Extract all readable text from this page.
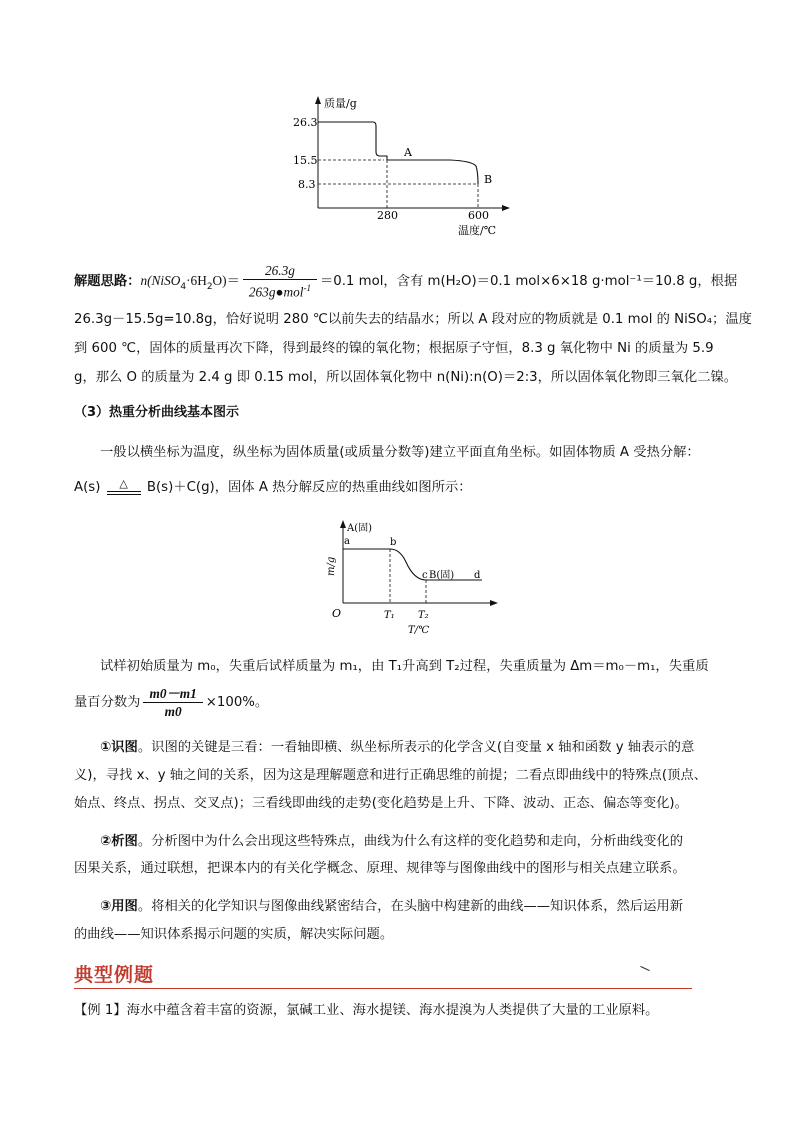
质量/g
26.3
15.5
8.3
A
B
280	600
温度/℃
解题思路：$n(NiSO_4\cdot 6H_2O)= \frac{26.3g}{263g●mol^{-1}} =0.1$ mol，含有 m(H₂O)＝0.1 mol×6×18 g·mol⁻¹＝10.8 g，根据
26.3g－15.5g=10.8g，恰好说明 280 ℃以前失去的结晶水；所以 A 段对应的物质就是 0.1 mol 的 NiSO₄；温度
到 600 ℃，固体的质量再次下降，得到最终的镍的氧化物；根据原子守恒，8.3 g 氧化物中 Ni 的质量为 5.9
g，那么 O 的质量为 2.4 g 即 0.15 mol，所以固体氧化物中 n(Ni):n(O)＝2:3，所以固体氧化物即三氧化二镍。
（3）热重分析曲线基本图示
一般以横坐标为温度，纵坐标为固体质量(或质量分数等)建立平面直角坐标。如固体物质 A 受热分解：
A(s)	△	B(s)＋C(g)，固体 A 热分解反应的热重曲线如图所示：
m/g
A(固)
a	b
c B(固) d
O	T₁ T₂
T/℃
试样初始质量为 m₀，失重后试样质量为 m₁，由 T₁升高到 T₂过程，失重质量为 Δm＝m₀－m₁，失重质
量百分数为 $\frac{m0-m1}{m0} \times 100\%$。
①识图。识图的关键是三看：一看轴即横、纵坐标所表示的化学含义(自变量 x 轴和函数 y 轴表示的意
义)，寻找 x、y 轴之间的关系，因为这是理解题意和进行正确思维的前提；二看点即曲线中的特殊点(顶点、
始点、终点、拐点、交叉点)；三看线即曲线的走势(变化趋势是上升、下降、波动、正态、偏态等变化)。
②析图。分析图中为什么会出现这些特殊点，曲线为什么有这样的变化趋势和走向，分析曲线变化的
因果关系，通过联想，把课本内的有关化学概念、原理、规律等与图像曲线中的图形与相关点建立联系。
③用图。将相关的化学知识与图像曲线紧密结合，在头脑中构建新的曲线——知识体系，然后运用新
的曲线——知识体系揭示问题的实质，解决实际问题。
典型例题
【例 1】海水中蕴含着丰富的资源，氯碱工业、海水提镁、海水提溴为人类提供了大量的工业原料。
